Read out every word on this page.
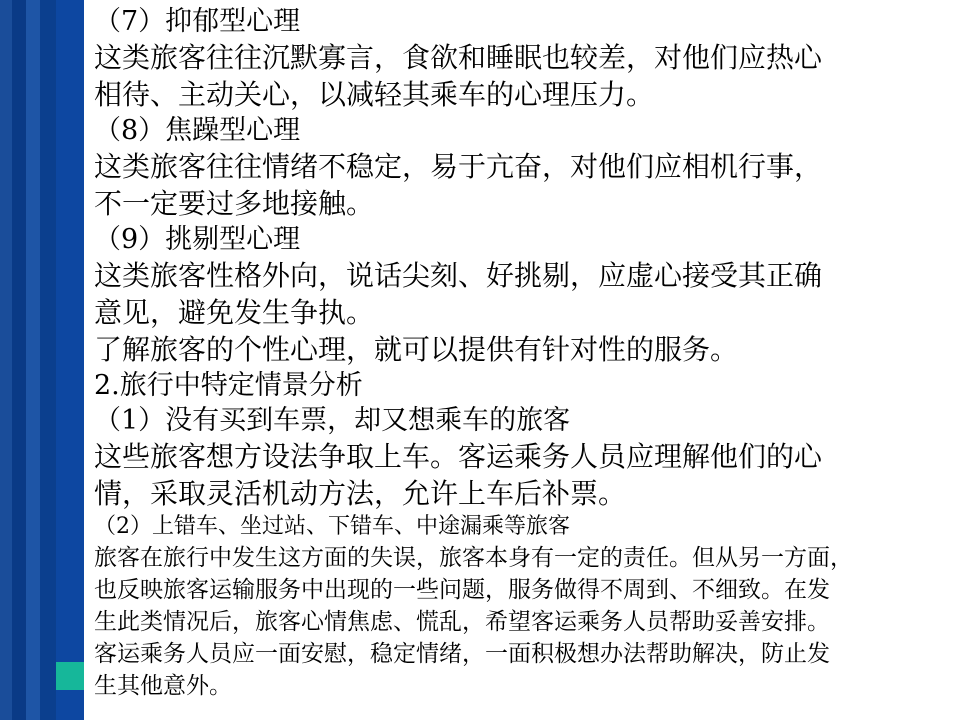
（7）抑郁型心理
这类旅客往往沉默寡言，食欲和睡眠也较差，对他们应热心
相待、主动关心，以减轻其乘车的心理压力。
（8）焦躁型心理
这类旅客往往情绪不稳定，易于亢奋，对他们应相机行事，
不一定要过多地接触。
（9）挑剔型心理
这类旅客性格外向，说话尖刻、好挑剔，应虚心接受其正确
意见，避免发生争执。
了解旅客的个性心理，就可以提供有针对性的服务。
2.旅行中特定情景分析
（1）没有买到车票，却又想乘车的旅客
这些旅客想方设法争取上车。客运乘务人员应理解他们的心
情，采取灵活机动方法，允许上车后补票。
（2）上错车、坐过站、下错车、中途漏乘等旅客
旅客在旅行中发生这方面的失误，旅客本身有一定的责任。但从另一方面，
也反映旅客运输服务中出现的一些问题，服务做得不周到、不细致。在发
生此类情况后，旅客心情焦虑、慌乱，希望客运乘务人员帮助妥善安排。
客运乘务人员应一面安慰，稳定情绪，一面积极想办法帮助解决，防止发
生其他意外。
